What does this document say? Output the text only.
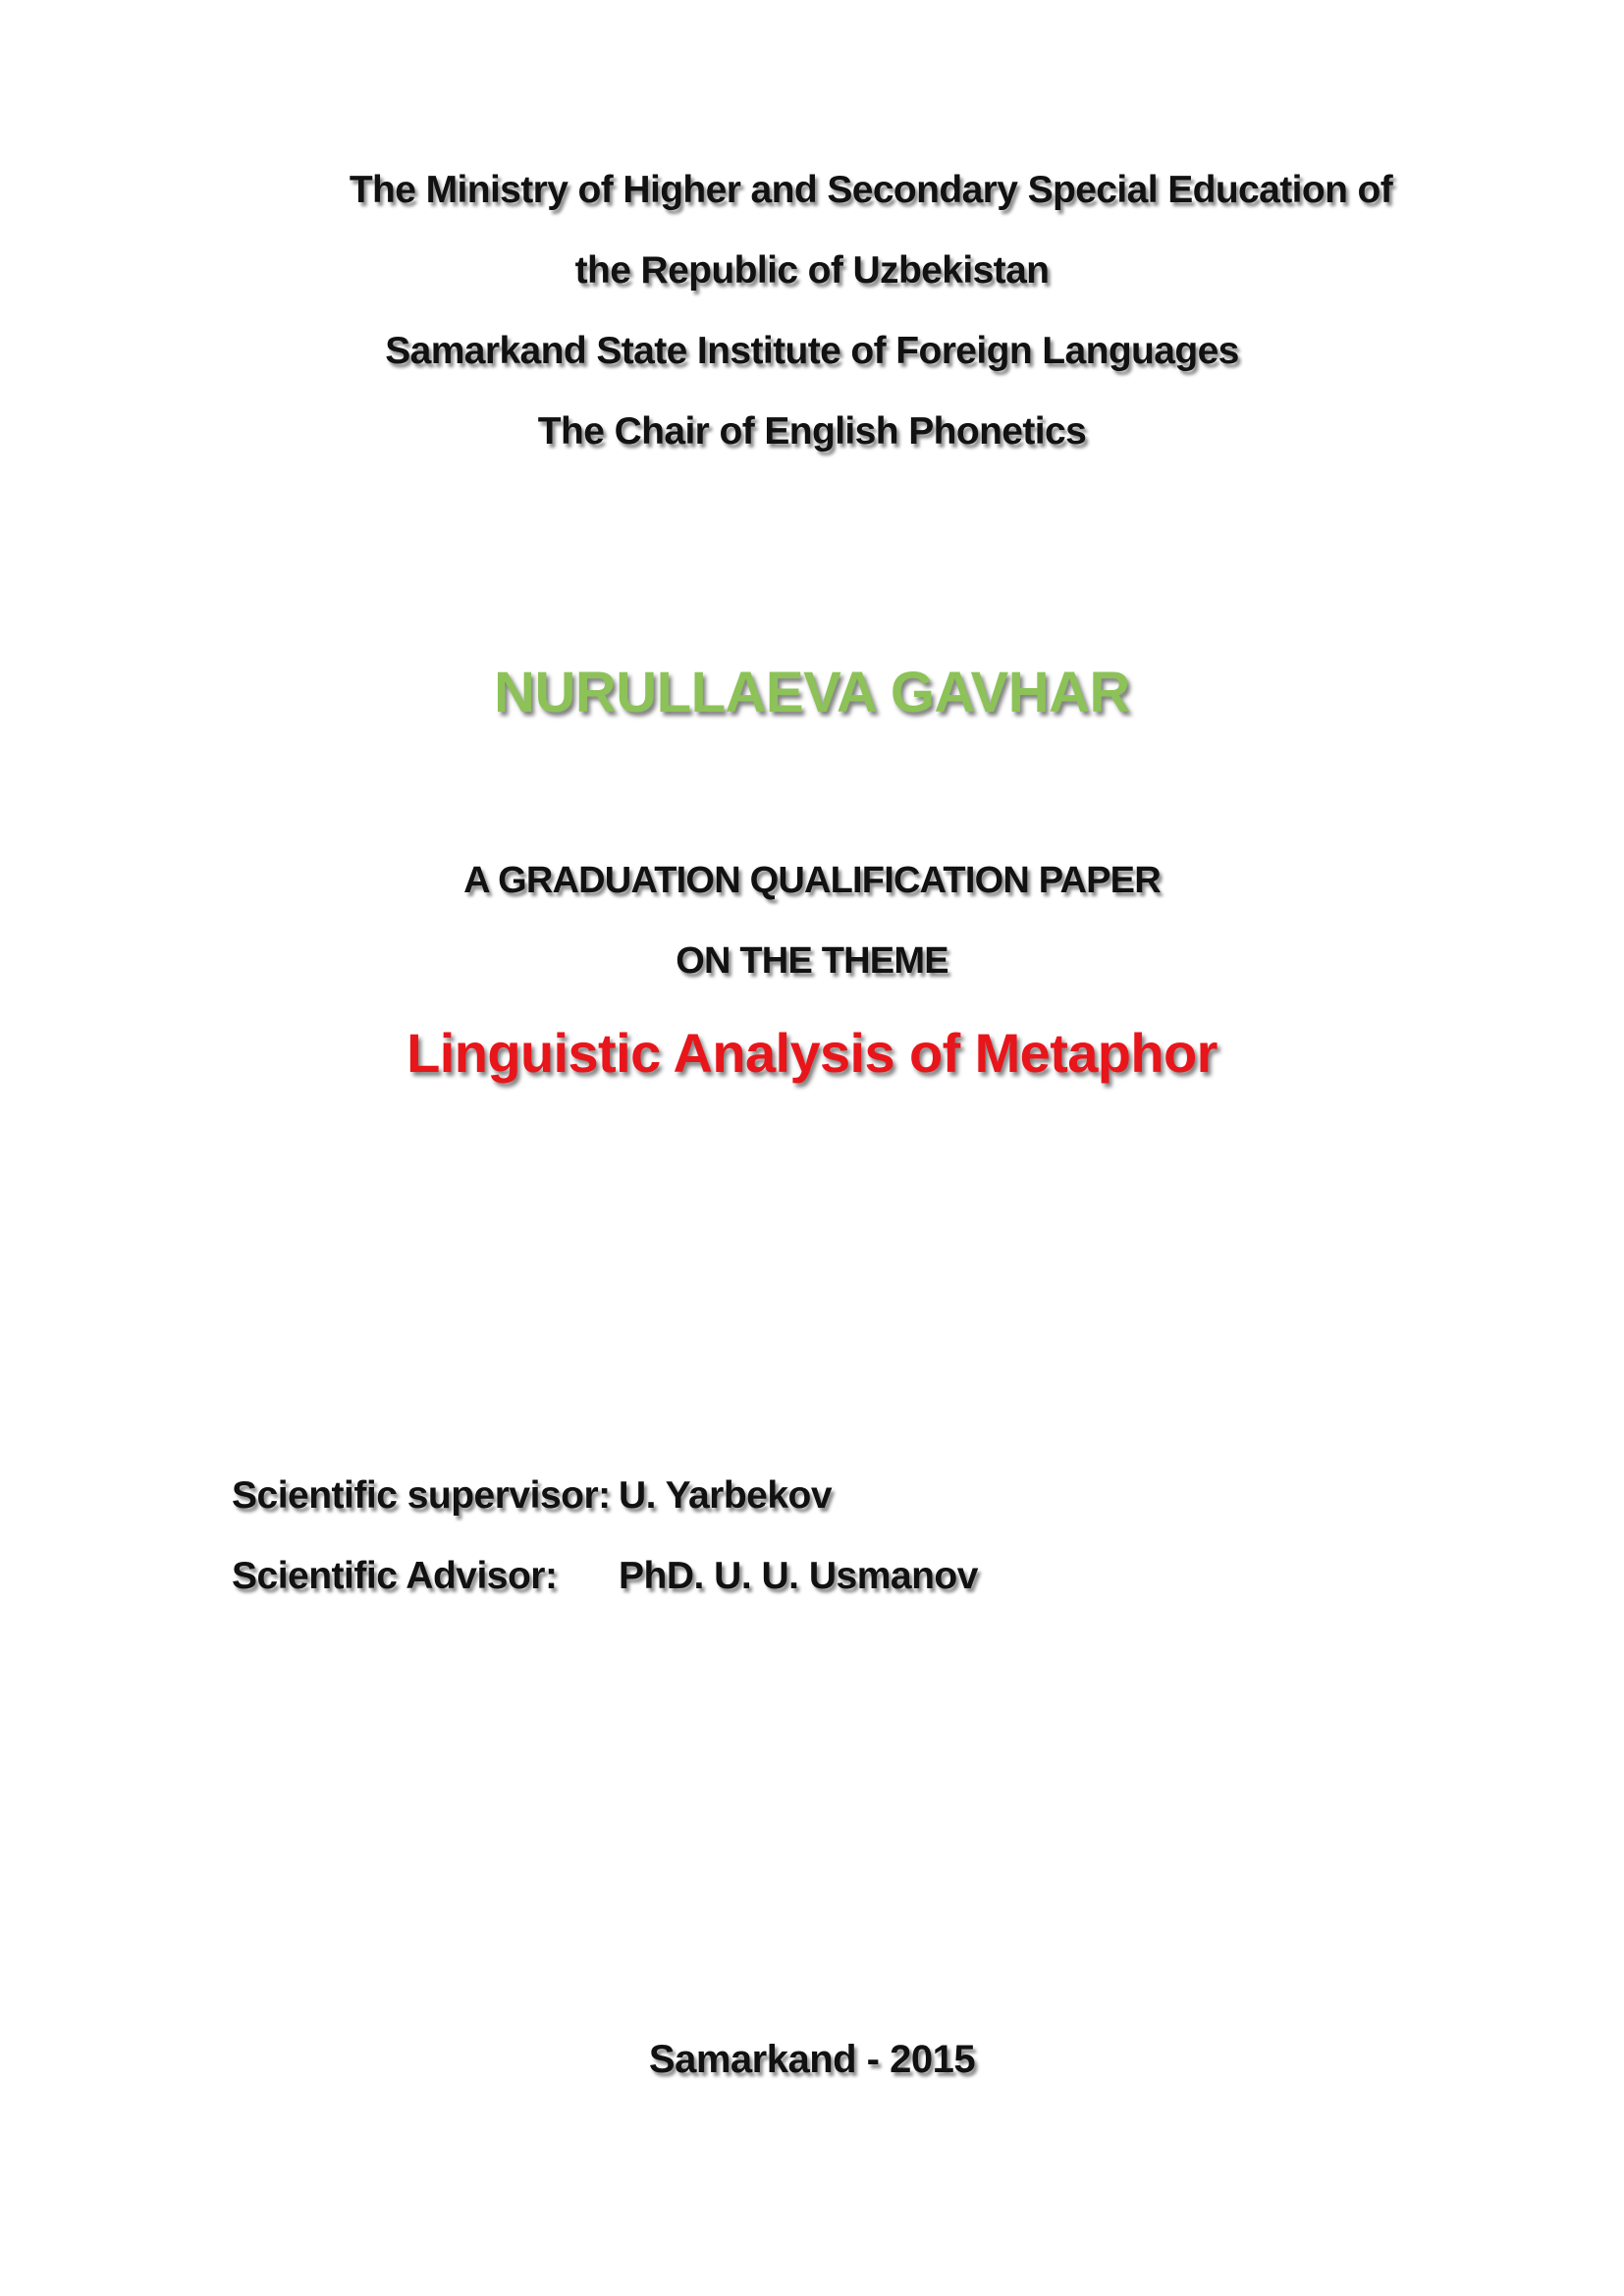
The Ministry of Higher and Secondary Special Education of
the Republic of Uzbekistan
Samarkand State Institute of Foreign Languages
The Chair of English Phonetics
NURULLAEVA GAVHAR
A GRADUATION QUALIFICATION PAPER
ON THE THEME
Linguistic Analysis of Metaphor
Scientific supervisor: U. Yarbekov
Scientific Advisor: PhD. U. U. Usmanov
Samarkand - 2015
